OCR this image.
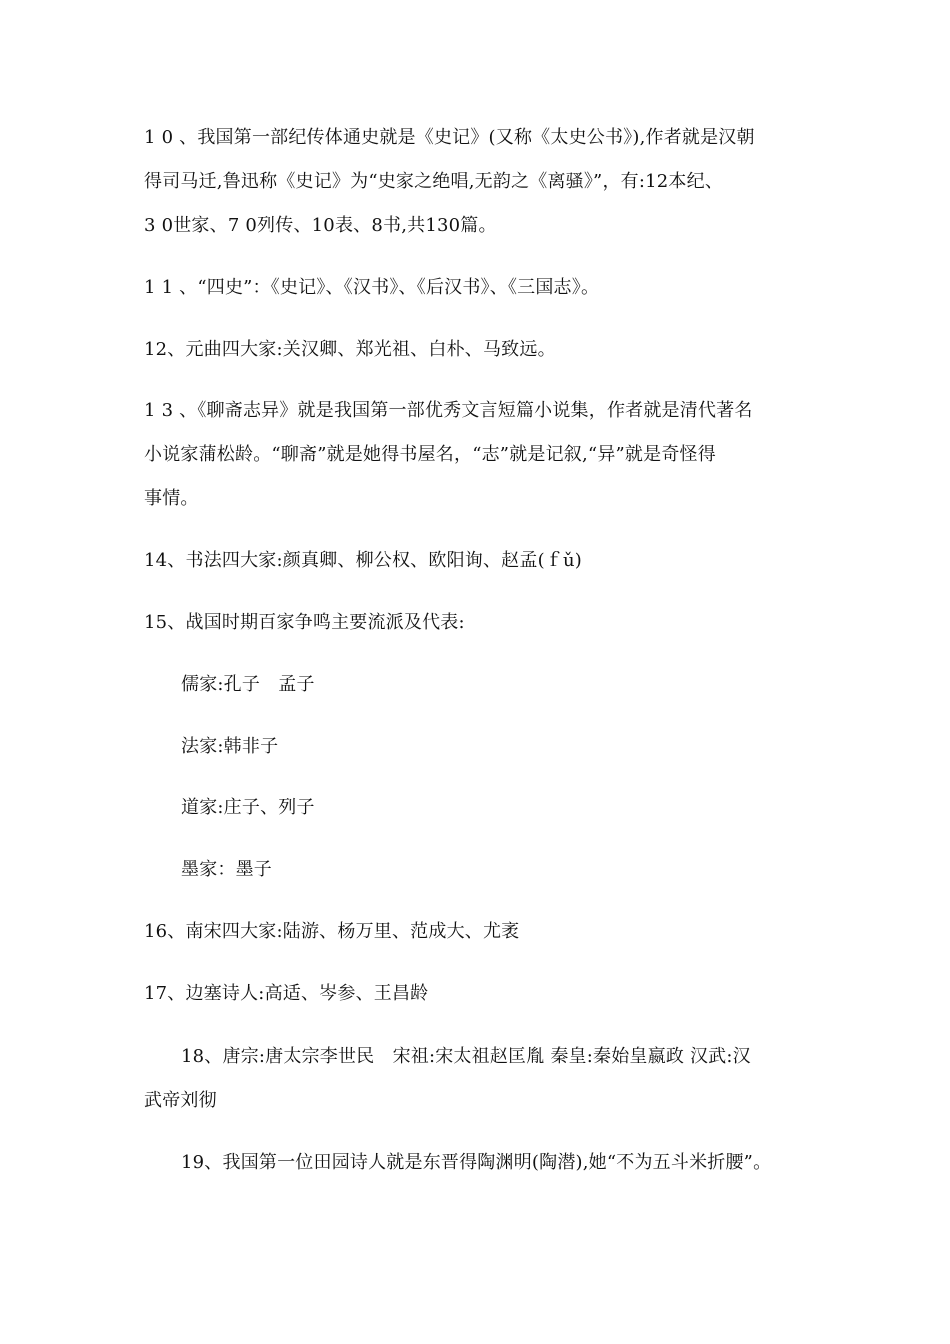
1 0 、我国第一部纪传体通史就是《史记》(又称《太史公书》),作者就是汉朝
得司马迁,鲁迅称《史记》为“史家之绝唱,无韵之《离骚》”，有:12本纪、
3 0世家、7 0列传、10表、8书,共130篇。
1 1 、“四史”：《史记》、《汉书》、《后汉书》、《三国志》。
12、元曲四大家:关汉卿、郑光祖、白朴、马致远。
1 3 、《聊斋志异》就是我国第一部优秀文言短篇小说集，作者就是清代著名
小说家蒲松龄。“聊斋”就是她得书屋名，“志”就是记叙,“异”就是奇怪得
事情。
14、书法四大家:颜真卿、柳公权、欧阳询、赵孟(ｆǔ)
15、战国时期百家争鸣主要流派及代表:
儒家:孔子　孟子
法家:韩非子
道家:庄子、列子
墨家：墨子
16、南宋四大家:陆游、杨万里、范成大、尤袤
17、边塞诗人:高适、岑参、王昌龄
18、唐宗:唐太宗李世民　宋祖:宋太祖赵匡胤 秦皇:秦始皇嬴政 汉武:汉
武帝刘彻
19、我国第一位田园诗人就是东晋得陶渊明(陶潜),她“不为五斗米折腰”。
